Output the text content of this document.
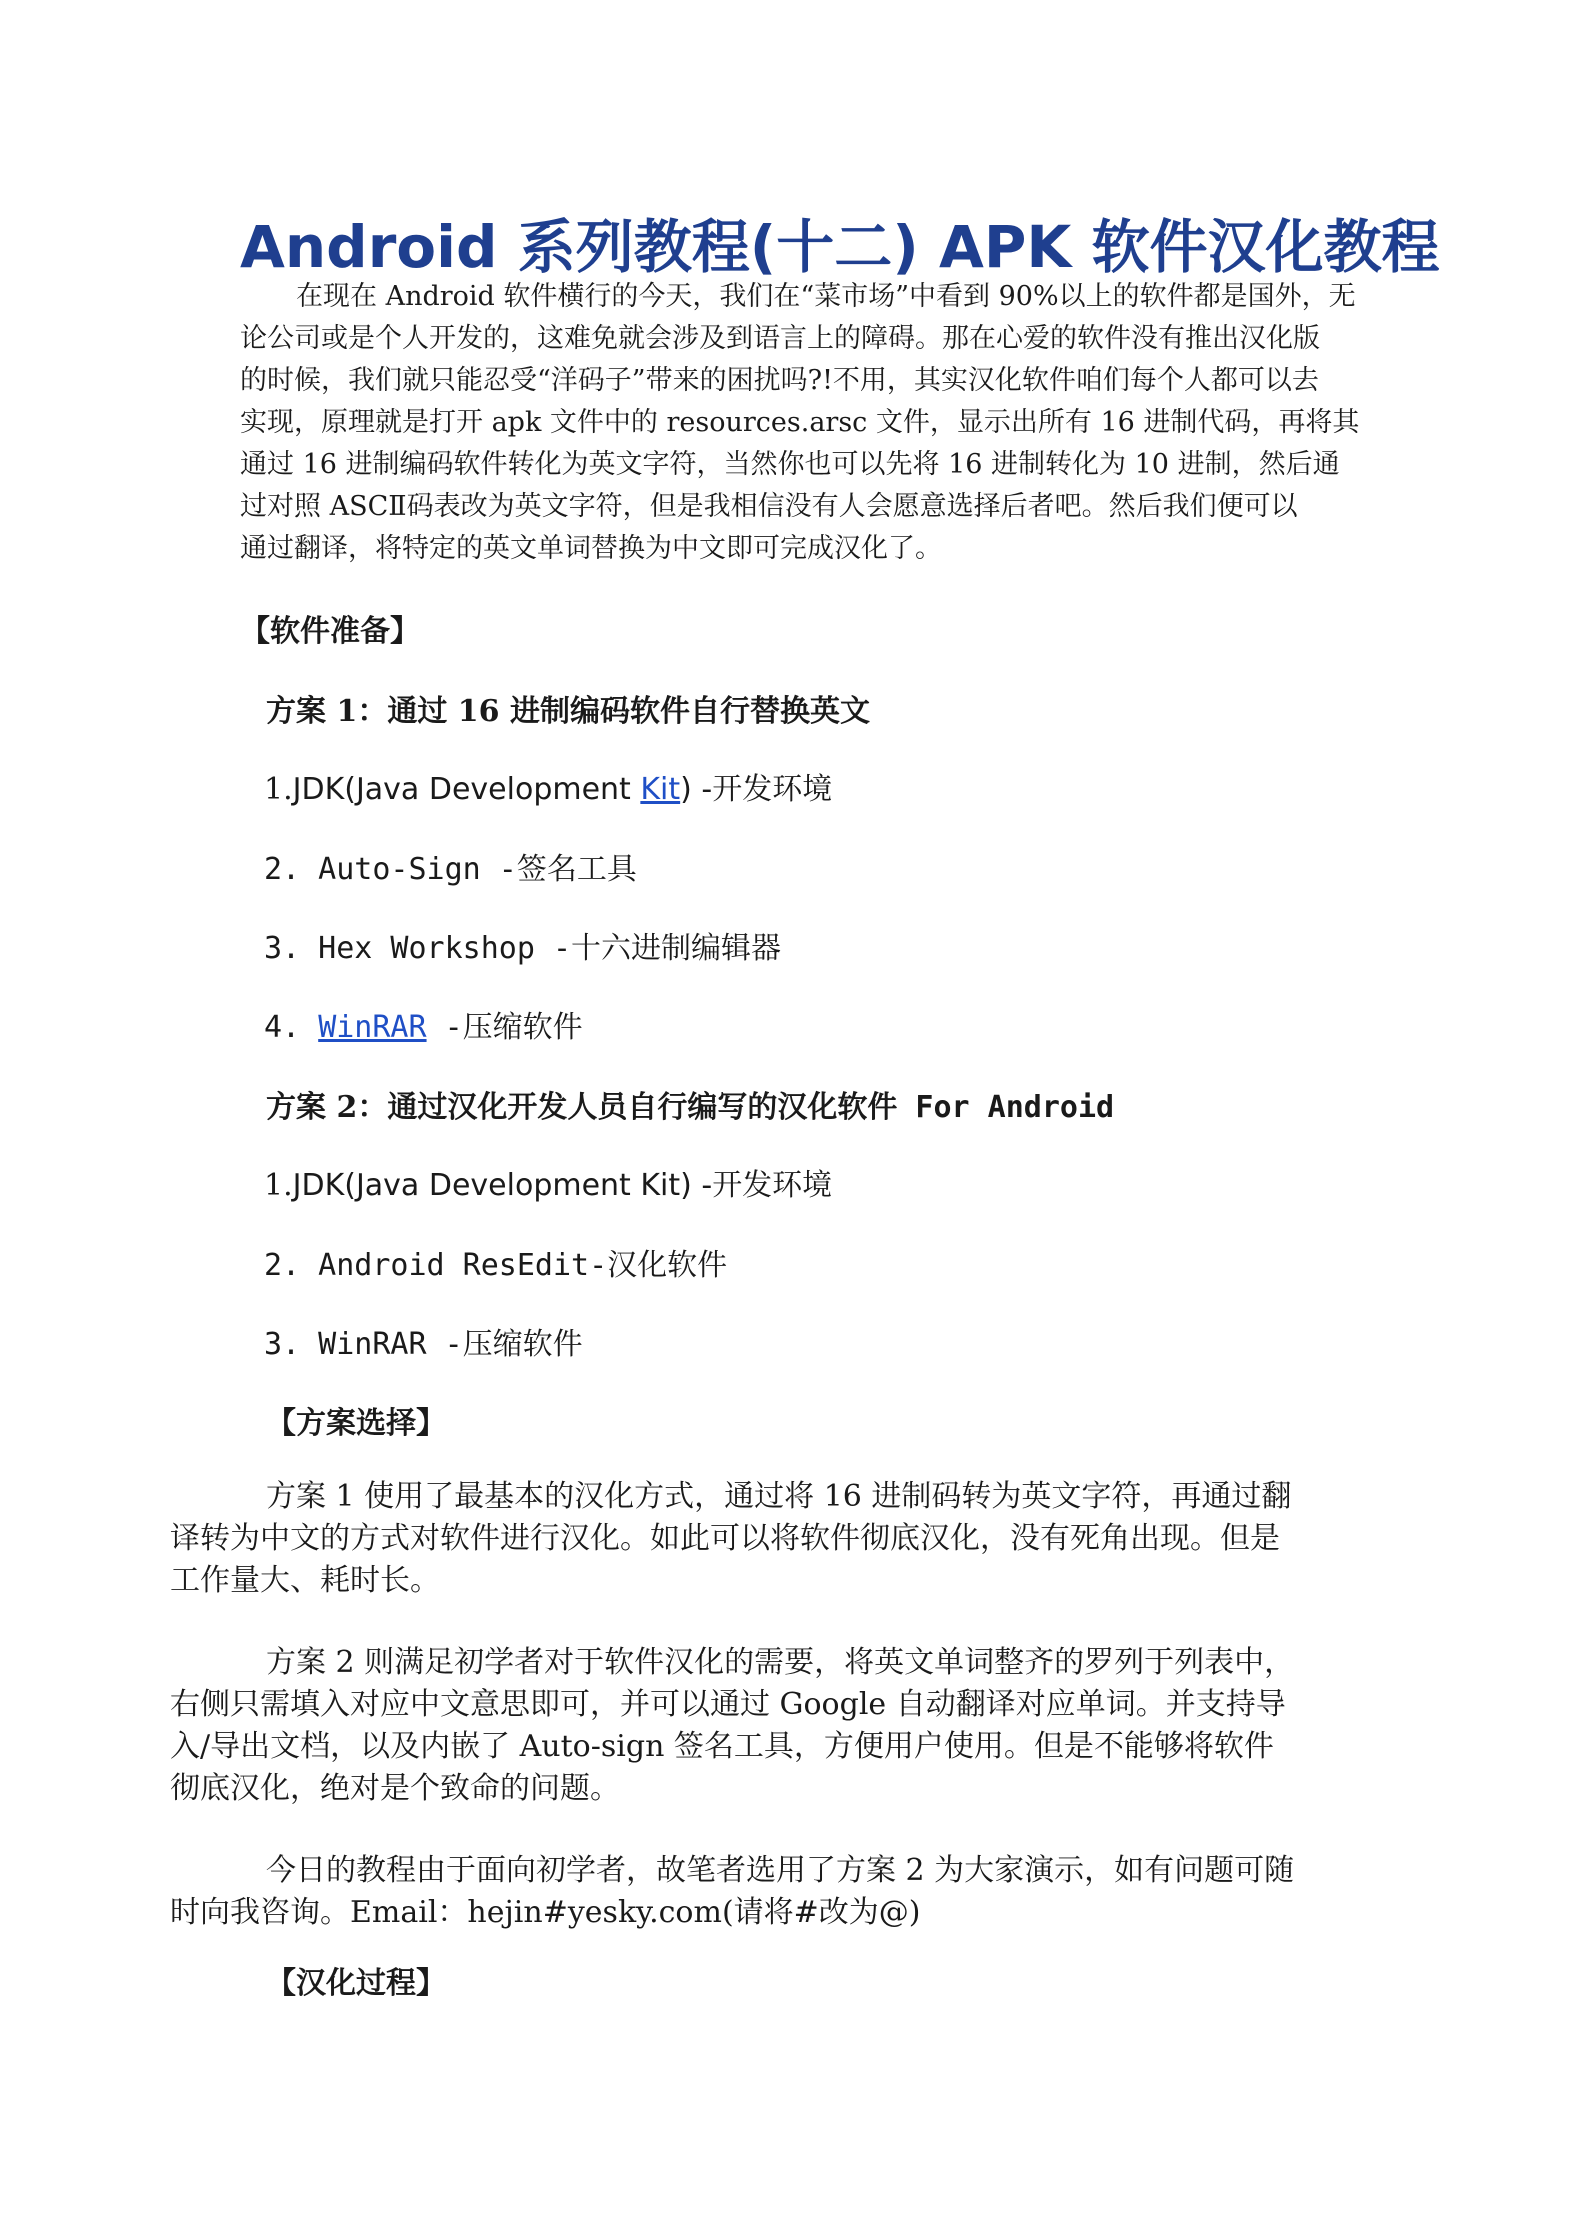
Android 系列教程(十二) APK 软件汉化教程

在现在 Android 软件横行的今天，我们在“菜市场”中看到 90%以上的软件都是国外，无

论公司或是个人开发的，这难免就会涉及到语言上的障碍。那在心爱的软件没有推出汉化版

的时候，我们就只能忍受“洋码子”带来的困扰吗?!不用，其实汉化软件咱们每个人都可以去

实现，原理就是打开 apk 文件中的 resources.arsc 文件，显示出所有 16 进制代码，再将其

通过 16 进制编码软件转化为英文字符，当然你也可以先将 16 进制转化为 10 进制，然后通

过对照 ASCⅡ码表改为英文字符，但是我相信没有人会愿意选择后者吧。然后我们便可以

通过翻译，将特定的英文单词替换为中文即可完成汉化了。

【软件准备】
方案 1：通过 16 进制编码软件自行替换英文
1.JDK(Java Development Kit) -开发环境
2. Auto-Sign -签名工具
3. Hex Workshop -十六进制编辑器
4. WinRAR -压缩软件
方案 2：通过汉化开发人员自行编写的汉化软件 For Android
1.JDK(Java Development Kit) -开发环境
2. Android ResEdit-汉化软件
3. WinRAR -压缩软件
【方案选择】

方案 1 使用了最基本的汉化方式，通过将 16 进制码转为英文字符，再通过翻

译转为中文的方式对软件进行汉化。如此可以将软件彻底汉化，没有死角出现。但是

工作量大、耗时长。

方案 2 则满足初学者对于软件汉化的需要，将英文单词整齐的罗列于列表中，

右侧只需填入对应中文意思即可，并可以通过 Google 自动翻译对应单词。并支持导

入/导出文档，以及内嵌了 Auto-sign 签名工具，方便用户使用。但是不能够将软件

彻底汉化，绝对是个致命的问题。

今日的教程由于面向初学者，故笔者选用了方案 2 为大家演示，如有问题可随

时向我咨询。Email：hejin#yesky.com(请将#改为@)

【汉化过程】
